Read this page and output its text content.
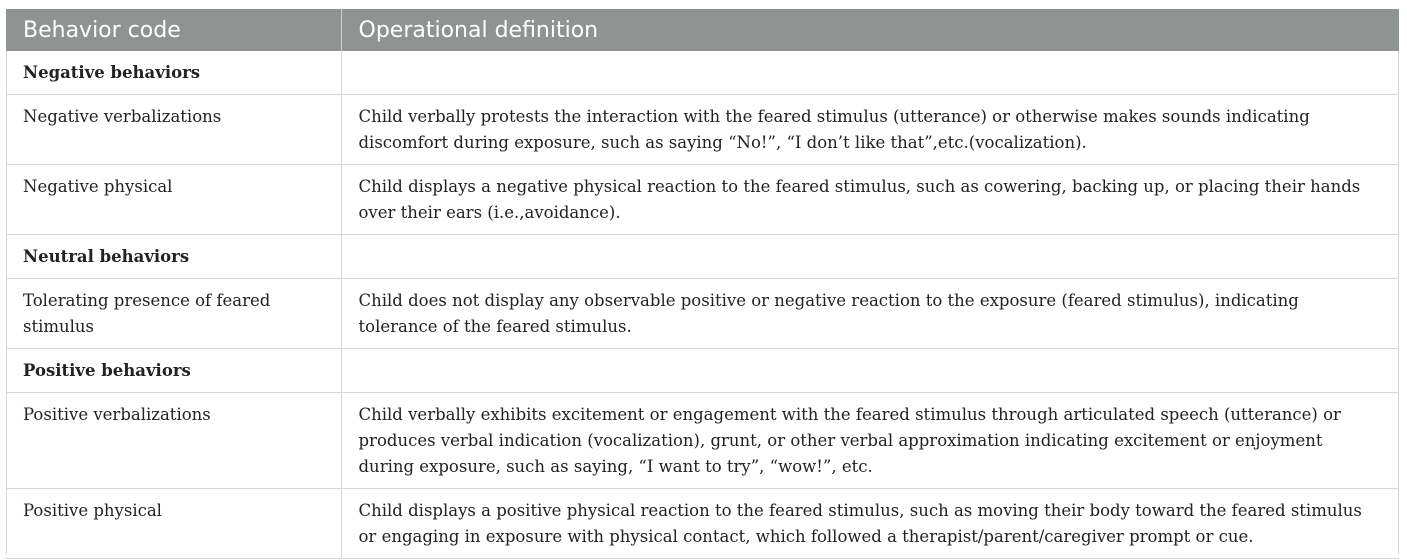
Behavior code	Operational definition
Negative behaviors	
Negative verbalizations	Child verbally protests the interaction with the feared stimulus (utterance) or otherwise makes sounds indicating discomfort during exposure, such as saying “No!”, “I don’t like that”,etc.(vocalization).
Negative physical	Child displays a negative physical reaction to the feared stimulus, such as cowering, backing up, or placing their hands over their ears (i.e.,avoidance).
Neutral behaviors	
Tolerating presence of feared stimulus	Child does not display any observable positive or negative reaction to the exposure (feared stimulus), indicating tolerance of the feared stimulus.
Positive behaviors	
Positive verbalizations	Child verbally exhibits excitement or engagement with the feared stimulus through articulated speech (utterance) or produces verbal indication (vocalization), grunt, or other verbal approximation indicating excitement or enjoyment during exposure, such as saying, “I want to try”, “wow!”, etc.
Positive physical	Child displays a positive physical reaction to the feared stimulus, such as moving their body toward the feared stimulus or engaging in exposure with physical contact, which followed a therapist/parent/caregiver prompt or cue.
